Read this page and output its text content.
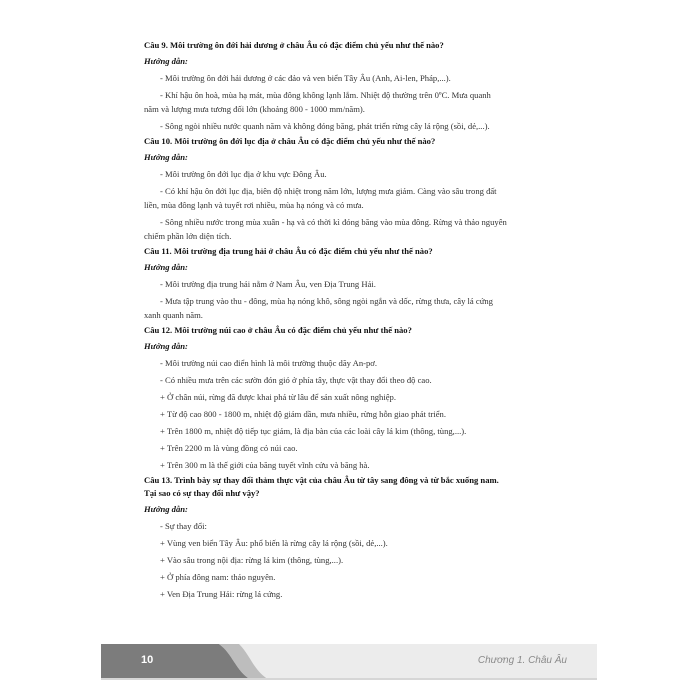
Câu 9. Môi trường ôn đới hải dương ở châu Âu có đặc điểm chủ yếu như thế nào?
Hướng dẫn:
- Môi trường ôn đới hải dương ở các đảo và ven biển Tây Âu (Anh, Ai-len, Pháp,...).
- Khí hậu ôn hoà, mùa hạ mát, mùa đông không lạnh lắm. Nhiệt độ thường trên 0ºC. Mưa quanh
năm và lượng mưa tương đối lớn (khoảng 800 - 1000 mm/năm).
- Sông ngòi nhiều nước quanh năm và không đóng băng, phát triển rừng cây lá rộng (sồi, dẻ,...).
Câu 10. Môi trường ôn đới lục địa ở châu Âu có đặc điểm chủ yếu như thế nào?
Hướng dẫn:
- Môi trường ôn đới lục địa ở khu vực Đông Âu.
- Có khí hậu ôn đới lục địa, biên độ nhiệt trong năm lớn, lượng mưa giảm. Càng vào sâu trong đất
liền, mùa đông lạnh và tuyết rơi nhiều, mùa hạ nóng và có mưa.
- Sông nhiều nước trong mùa xuân - hạ và có thời kì đóng băng vào mùa đông. Rừng và thảo nguyên
chiếm phần lớn diện tích.
Câu 11. Môi trường địa trung hải ở châu Âu có đặc điểm chủ yếu như thế nào?
Hướng dẫn:
- Môi trường địa trung hải nằm ở Nam Âu, ven Địa Trung Hải.
- Mưa tập trung vào thu - đông, mùa hạ nóng khô, sông ngòi ngắn và dốc, rừng thưa, cây lá cứng
xanh quanh năm.
Câu 12. Môi trường núi cao ở châu Âu có đặc điểm chủ yếu như thế nào?
Hướng dẫn:
- Môi trường núi cao điển hình là môi trường thuộc dãy An-pơ.
- Có nhiều mưa trên các sườn đón gió ở phía tây, thực vật thay đổi theo độ cao.
+ Ở chân núi, rừng đã được khai phá từ lâu để sản xuất nông nghiệp.
+ Từ độ cao 800 - 1800 m, nhiệt độ giảm dần, mưa nhiều, rừng hỗn giao phát triển.
+ Trên 1800 m, nhiệt độ tiếp tục giảm, là địa bàn của các loài cây lá kim (thông, tùng,...).
+ Trên 2200 m là vùng đồng cỏ núi cao.
+ Trên 300 m là thế giới của băng tuyết vĩnh cửu và băng hà.
Câu 13. Trình bày sự thay đổi thảm thực vật của châu Âu từ tây sang đông và từ bắc xuống nam.
Tại sao có sự thay đổi như vậy?
Hướng dẫn:
- Sự thay đổi:
+ Vùng ven biển Tây Âu: phổ biến là rừng cây lá rộng (sồi, dẻ,...).
+ Vào sâu trong nội địa: rừng lá kim (thông, tùng,...).
+ Ở phía đông nam: thảo nguyên.
+ Ven Địa Trung Hải: rừng lá cứng.
10	Chương 1. Châu Âu
